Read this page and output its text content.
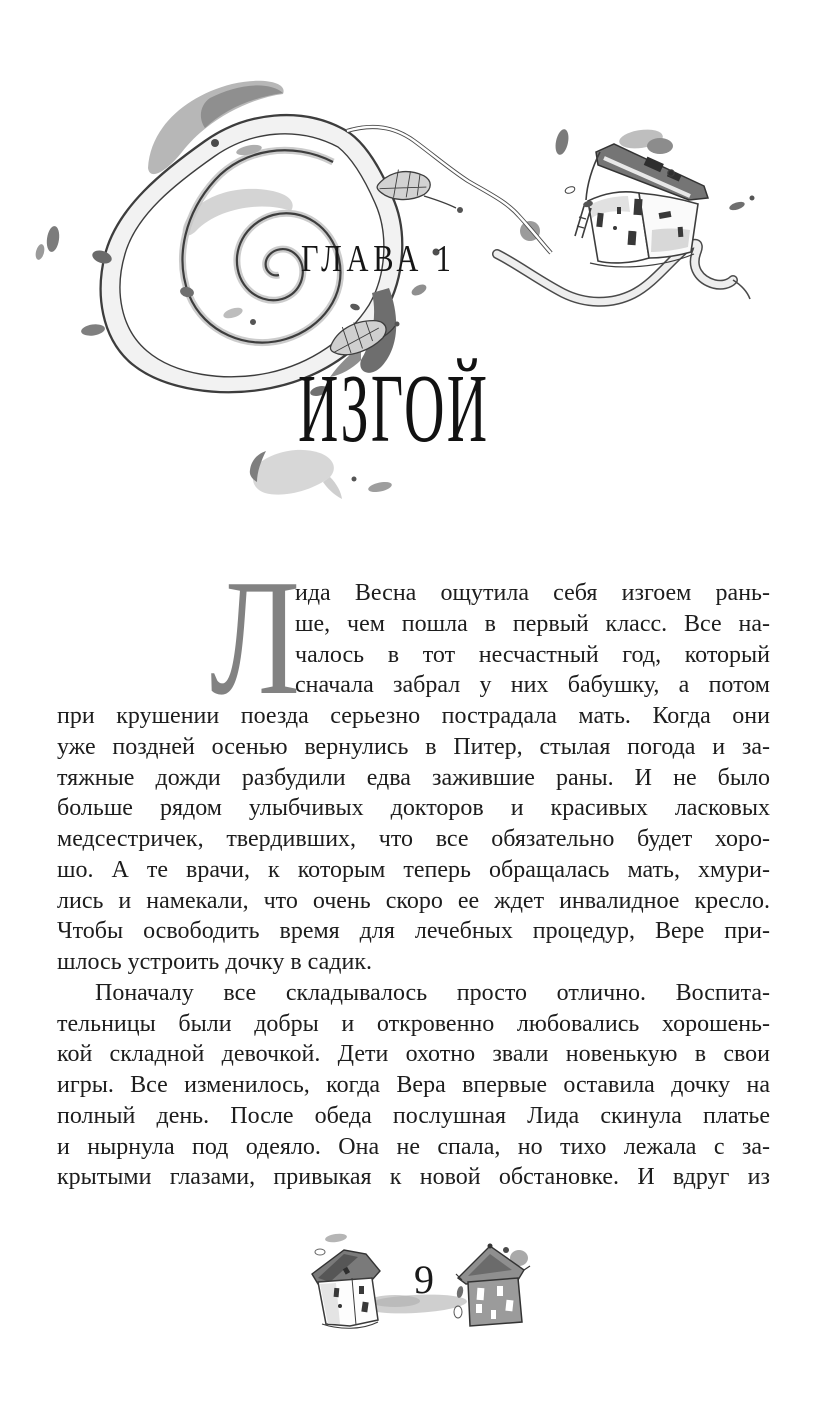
ГЛАВА 1
ИЗГОЙ
Л
ида Весна ощутила себя изгоем рань-
ше, чем пошла в первый класс. Все на-
чалось в тот несчастный год, который
сначала забрал у них бабушку, а потом
при крушении поезда серьезно пострадала мать. Когда они
уже поздней осенью вернулись в Питер, стылая погода и за-
тяжные дожди разбудили едва зажившие раны. И не было
больше рядом улыбчивых докторов и красивых ласковых
медсестричек, твердивших, что все обязательно будет хоро-
шо. А те врачи, к которым теперь обращалась мать, хмури-
лись и намекали, что очень скоро ее ждет инвалидное кресло.
Чтобы освободить время для лечебных процедур, Вере при-
шлось устроить дочку в садик.
Поначалу все складывалось просто отлично. Воспита-
тельницы были добры и откровенно любовались хорошень-
кой складной девочкой. Дети охотно звали новенькую в свои
игры. Все изменилось, когда Вера впервые оставила дочку на
полный день. После обеда послушная Лида скинула платье
и нырнула под одеяло. Она не спала, но тихо лежала с за-
крытыми глазами, привыкая к новой обстановке. И вдруг из
9
